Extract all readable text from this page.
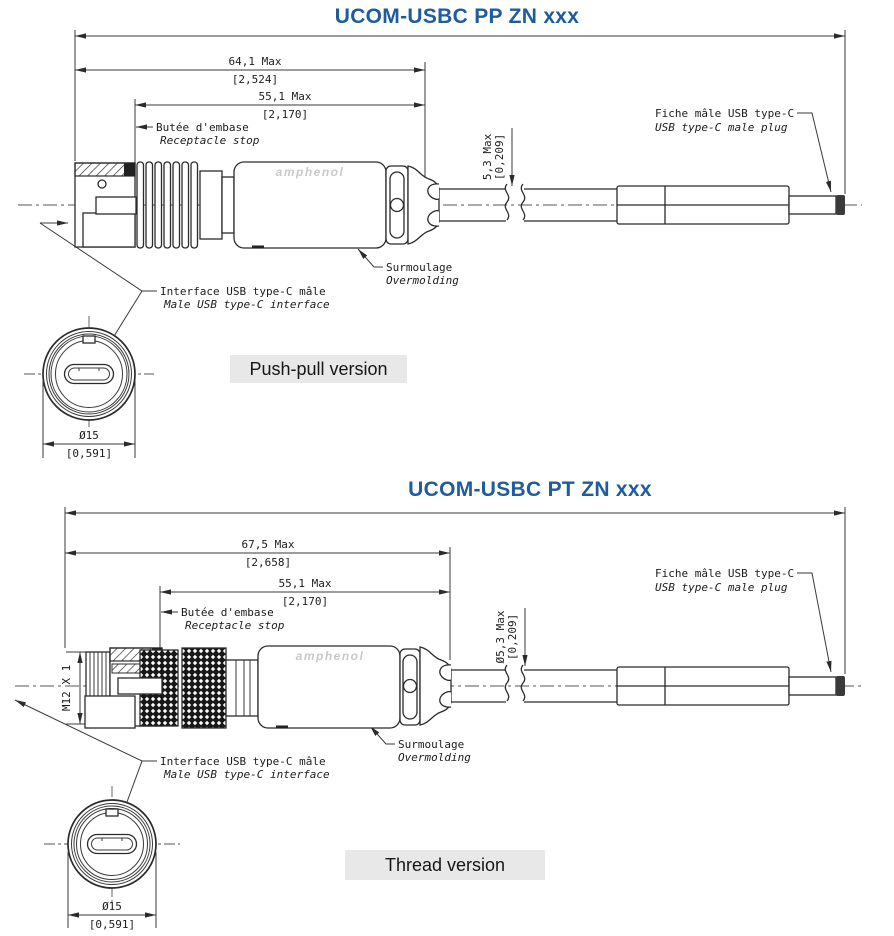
UCOM-USBC PP ZN xxx
64,1 Max
[2,524]
55,1 Max
[2,170]
5,3 Max [0,209]
Butée d'embase
Receptacle stop
Fiche mâle USB type-C
USB type-C male plug
Surmoulage
Overmolding
Interface USB type-C mâle
Male USB type-C interface
amphenol
Ø15
[0,591]
Push-pull version
UCOM-USBC PT ZN xxx
67,5 Max
[2,658]
55,1 Max
[2,170]
Ø5,3 Max [0,209]
M12 X 1
Butée d'embase
Receptacle stop
Fiche mâle USB type-C
USB type-C male plug
Surmoulage
Overmolding
Interface USB type-C mâle
Male USB type-C interface
amphenol
Ø15
[0,591]
Thread version
